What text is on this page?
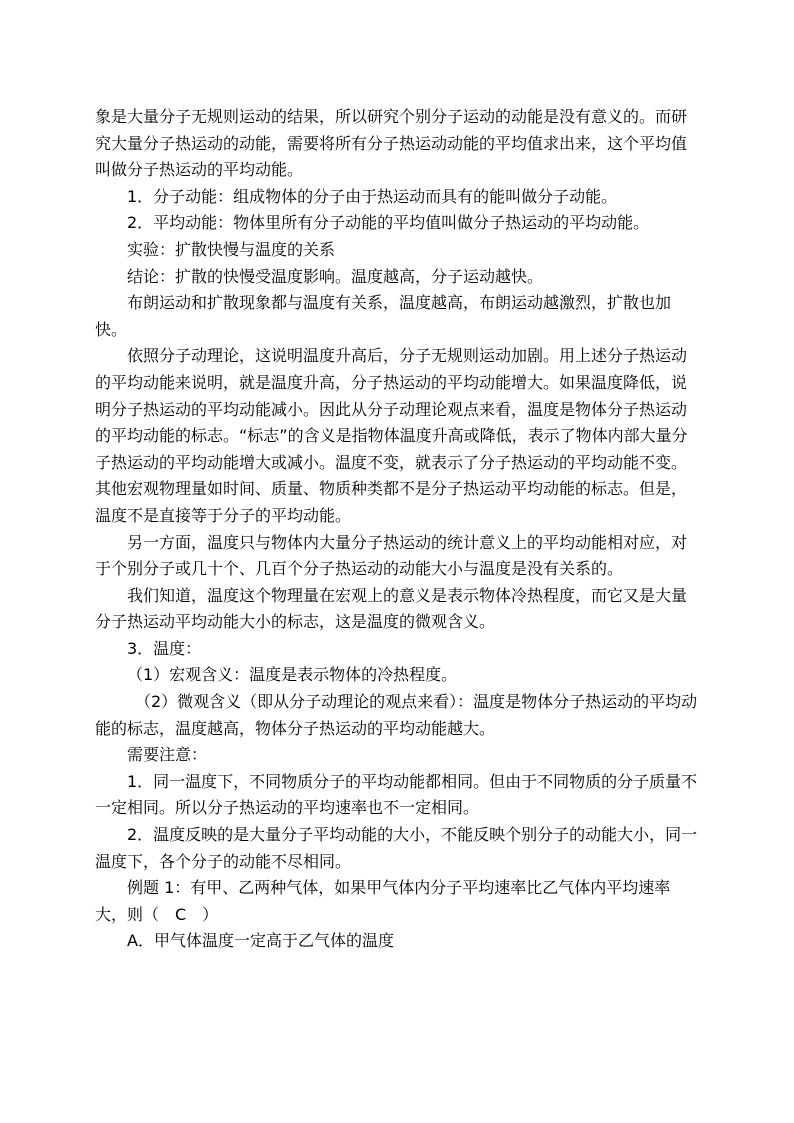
象是大量分子无规则运动的结果，所以研究个别分子运动的动能是没有意义的。而研究大量分子热运动的动能，需要将所有分子热运动动能的平均值求出来，这个平均值叫做分子热运动的平均动能。

1．分子动能：组成物体的分子由于热运动而具有的能叫做分子动能。

2．平均动能：物体里所有分子动能的平均值叫做分子热运动的平均动能。

实验：扩散快慢与温度的关系

结论：扩散的快慢受温度影响。温度越高，分子运动越快。

布朗运动和扩散现象都与温度有关系，温度越高，布朗运动越激烈，扩散也加快。

依照分子动理论，这说明温度升高后，分子无规则运动加剧。用上述分子热运动的平均动能来说明，就是温度升高，分子热运动的平均动能增大。如果温度降低，说明分子热运动的平均动能减小。因此从分子动理论观点来看，温度是物体分子热运动的平均动能的标志。“标志”的含义是指物体温度升高或降低，表示了物体内部大量分子热运动的平均动能增大或减小。温度不变，就表示了分子热运动的平均动能不变。其他宏观物理量如时间、质量、物质种类都不是分子热运动平均动能的标志。但是，温度不是直接等于分子的平均动能。

另一方面，温度只与物体内大量分子热运动的统计意义上的平均动能相对应，对于个别分子或几十个、几百个分子热运动的动能大小与温度是没有关系的。

我们知道，温度这个物理量在宏观上的意义是表示物体冷热程度，而它又是大量分子热运动平均动能大小的标志，这是温度的微观含义。

3．温度：

（1）宏观含义：温度是表示物体的冷热程度。

（2）微观含义（即从分子动理论的观点来看）：温度是物体分子热运动的平均动能的标志，温度越高，物体分子热运动的平均动能越大。

需要注意：

1．同一温度下，不同物质分子的平均动能都相同。但由于不同物质的分子质量不一定相同。所以分子热运动的平均速率也不一定相同。

2．温度反映的是大量分子平均动能的大小，不能反映个别分子的动能大小，同一温度下，各个分子的动能不尽相同。

例题 1：有甲、乙两种气体，如果甲气体内分子平均速率比乙气体内平均速率大，则（　C　）

A．甲气体温度一定高于乙气体的温度
